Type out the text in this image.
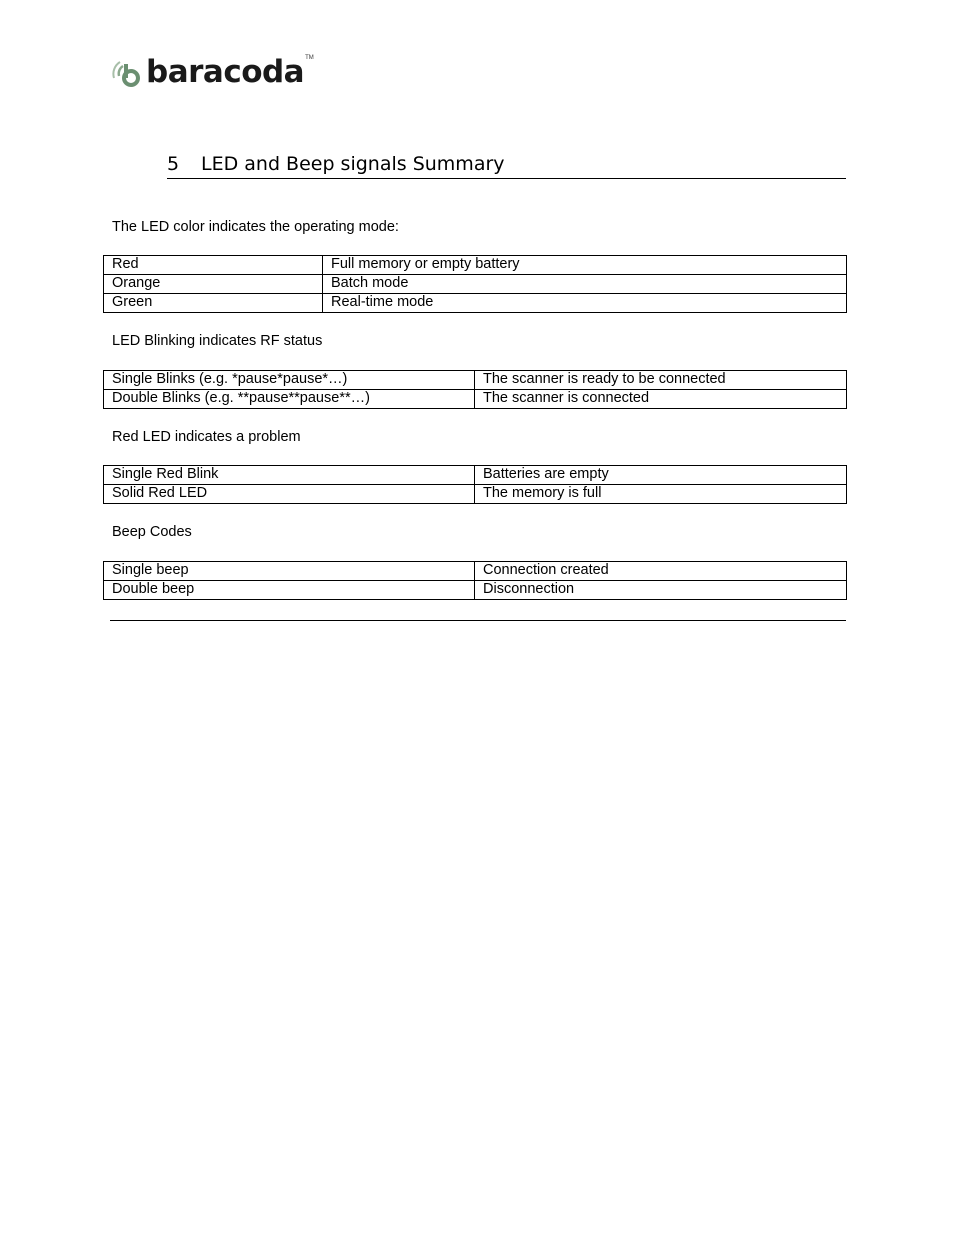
baracoda TM
5 LED and Beep signals Summary
The LED color indicates the operating mode:
Red	Full memory or empty battery
Orange	Batch mode
Green	Real-time mode
LED Blinking indicates RF status
Single Blinks (e.g. *pause*pause*…)	The scanner is ready to be connected
Double Blinks (e.g. **pause**pause**…)	The scanner is connected
Red LED indicates a problem
Single Red Blink	Batteries are empty
Solid Red LED	The memory is full
Beep Codes
Single beep	Connection created
Double beep	Disconnection
